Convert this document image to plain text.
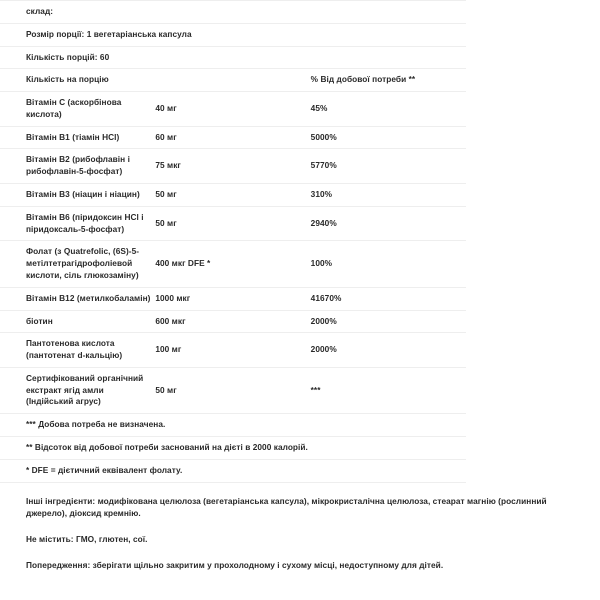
склад:		
Розмір порції: 1 вегетаріанська капсула		
Кількість порцій: 60		
Кількість на порцію		% Від добової потреби **
Вітамін C (аскорбінова кислота)	40 мг	45%
Вітамін B1 (тіамін HCl)	60 мг	5000%
Вітамін B2 (рибофлавін і рибофлавін-5-фосфат)	75 мкг	5770%
Вітамін B3 (ніацин і ніацин)	50 мг	310%
Вітамін B6 (піридоксин HCl і піридоксаль-5-фосфат)	50 мг	2940%
Фолат (з Quatrefolic, (6S)-5-метілтетрагідрофоліевой кислоти, сіль глюкозаміну)	400 мкг DFE *	100%
Вітамін B12 (метилкобаламін)	1000 мкг	41670%
біотин	600 мкг	2000%
Пантотенова кислота (пантотенат d-кальцію)	100 мг	2000%
Сертифікований органічний екстракт ягід амли (Індійський агрус)	50 мг	***
*** Добова потреба не визначена.		
** Відсоток від добової потреби заснований на дієті в 2000 калорій.		
* DFE = дієтичний еквівалент фолату.		

Інші інгредієнти: модифікована целюлоза (вегетаріанська капсула), мікрокристалічна целюлоза, стеарат магнію (рослинний джерело), діоксид кремнію.

Не містить: ГМО, глютен, сої.

Попередження: зберігати щільно закритим у прохолодному і сухому місці, недоступному для дітей.
